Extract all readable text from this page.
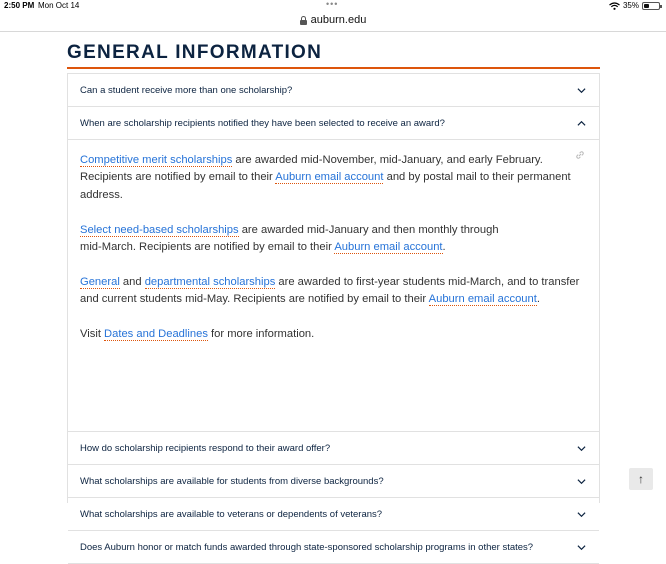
2:50 PM Mon Oct 14	•••	35%
auburn.edu
GENERAL INFORMATION
Can a student receive more than one scholarship?
When are scholarship recipients notified they have been selected to receive an award?

Competitive merit scholarships are awarded mid-November, mid-January, and early February. Recipients are notified by email to their Auburn email account and by postal mail to their permanent address.

Select need-based scholarships are awarded mid-January and then monthly through mid-March. Recipients are notified by email to their Auburn email account.

General and departmental scholarships are awarded to first-year students mid-March, and to transfer and current students mid-May. Recipients are notified by email to their Auburn email account.

Visit Dates and Deadlines for more information.

How do scholarship recipients respond to their award offer?
What scholarships are available for students from diverse backgrounds?
What scholarships are available to veterans or dependents of veterans?
Does Auburn honor or match funds awarded through state-sponsored scholarship programs in other states?
↑
